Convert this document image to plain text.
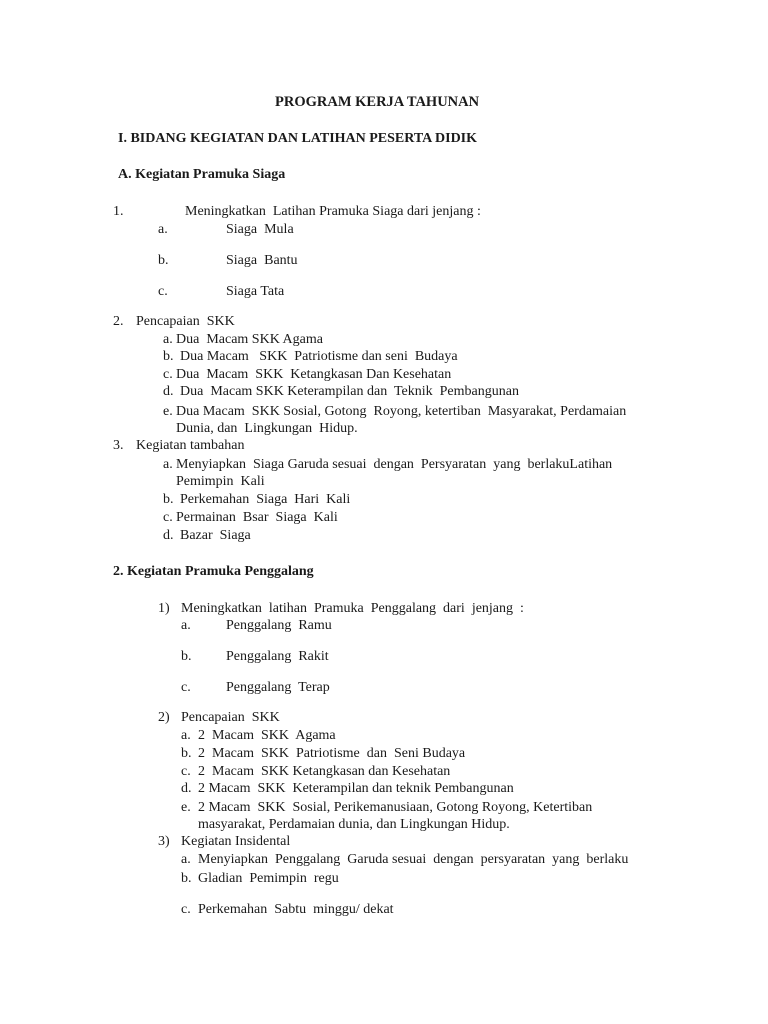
PROGRAM KERJA TAHUNAN
I. BIDANG KEGIATAN DAN LATIHAN PESERTA DIDIK
A. Kegiatan Pramuka Siaga
1.	Meningkatkan  Latihan Pramuka Siaga dari jenjang :
a.	Siaga  Mula
b.	Siaga  Bantu
c.	Siaga Tata
2. Pencapaian  SKK
a. Dua  Macam SKK Agama
b. Dua Macam   SKK  Patriotisme dan seni  Budaya
c. Dua  Macam  SKK  Ketangkasan Dan Kesehatan
d. Dua  Macam SKK Keterampilan dan  Teknik  Pembangunan
e. Dua Macam  SKK Sosial, Gotong  Royong, ketertiban  Masyarakat, Perdamaian
Dunia, dan  Lingkungan  Hidup.
3. Kegiatan tambahan
a. Menyiapkan  Siaga Garuda sesuai  dengan  Persyaratan  yang  berlakuLatihan
Pemimpin  Kali
b. Perkemahan  Siaga  Hari  Kali
c. Permainan  Bsar  Siaga  Kali
d. Bazar  Siaga
2. Kegiatan Pramuka Penggalang
1) Meningkatkan  latihan  Pramuka  Penggalang  dari  jenjang  :
a.	Penggalang  Ramu
b. Penggalang  Rakit
c.	Penggalang  Terap
2) Pencapaian  SKK
a. 2  Macam  SKK  Agama
b. 2  Macam  SKK  Patriotisme  dan  Seni Budaya
c. 2  Macam  SKK Ketangkasan dan Kesehatan
d. 2 Macam  SKK  Keterampilan dan teknik Pembangunan
e. 2 Macam  SKK  Sosial, Perikemanusiaan, Gotong Royong, Ketertiban
masyarakat, Perdamaian dunia, dan Lingkungan Hidup.
3) Kegiatan Insidental
a. Menyiapkan  Penggalang  Garuda sesuai  dengan  persyaratan  yang  berlaku
b. Gladian  Pemimpin  regu
c. Perkemahan  Sabtu  minggu/ dekat
